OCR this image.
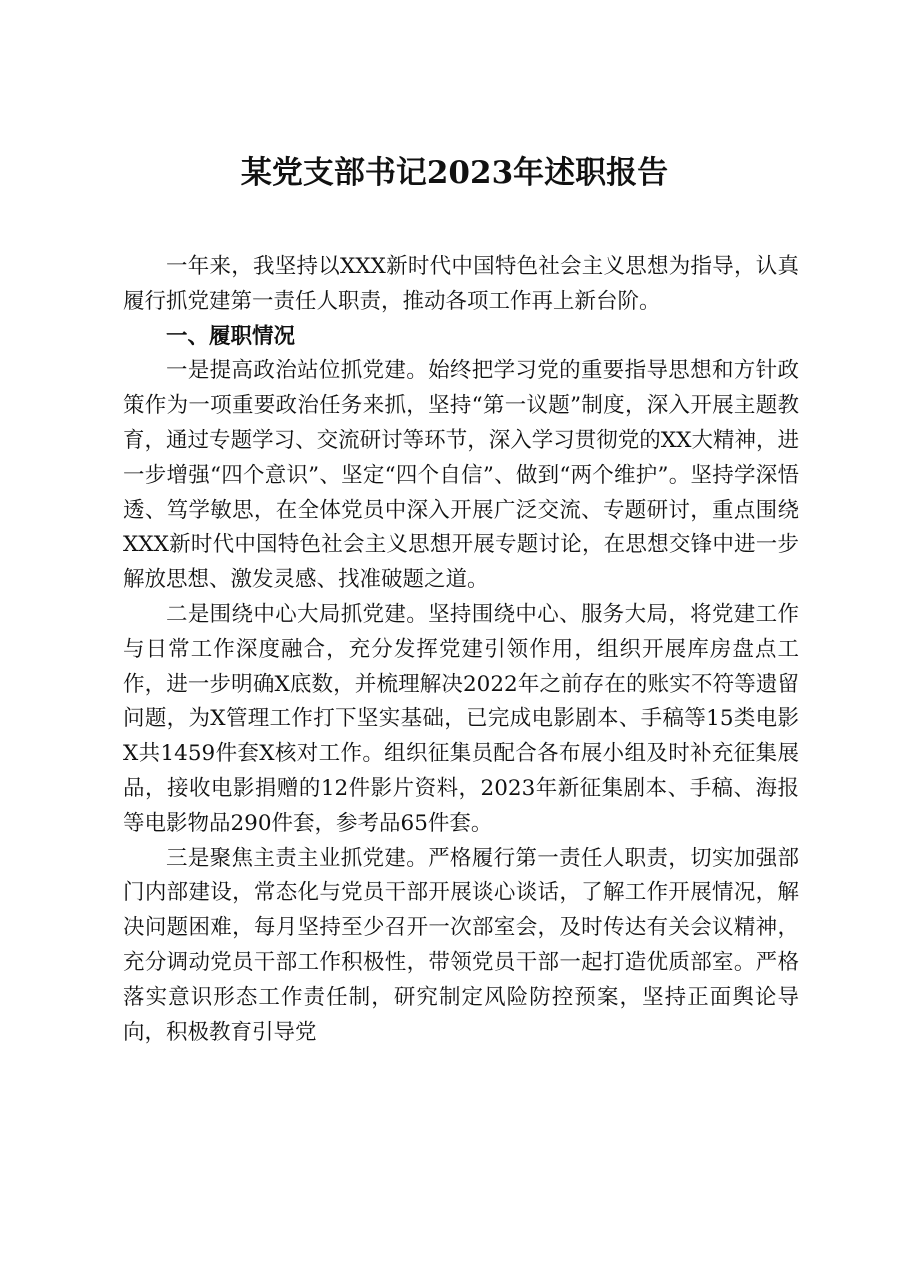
某党支部书记2023年述职报告

一年来，我坚持以XXX新时代中国特色社会主义思想为指导，认真履行抓党建第一责任人职责，推动各项工作再上新台阶。

一、履职情况

一是提高政治站位抓党建。始终把学习党的重要指导思想和方针政策作为一项重要政治任务来抓，坚持“第一议题”制度，深入开展主题教育，通过专题学习、交流研讨等环节，深入学习贯彻党的XX大精神，进一步增强“四个意识”、坚定“四个自信”、做到“两个维护”。坚持学深悟透、笃学敏思，在全体党员中深入开展广泛交流、专题研讨，重点围绕XXX新时代中国特色社会主义思想开展专题讨论，在思想交锋中进一步解放思想、激发灵感、找准破题之道。

二是围绕中心大局抓党建。坚持围绕中心、服务大局，将党建工作与日常工作深度融合，充分发挥党建引领作用，组织开展库房盘点工作，进一步明确X底数，并梳理解决2022年之前存在的账实不符等遗留问题，为X管理工作打下坚实基础，已完成电影剧本、手稿等15类电影X共1459件套X核对工作。组织征集员配合各布展小组及时补充征集展品，接收电影捐赠的12件影片资料，2023年新征集剧本、手稿、海报等电影物品290件套，参考品65件套。

三是聚焦主责主业抓党建。严格履行第一责任人职责，切实加强部门内部建设，常态化与党员干部开展谈心谈话，了解工作开展情况，解决问题困难，每月坚持至少召开一次部室会，及时传达有关会议精神，充分调动党员干部工作积极性，带领党员干部一起打造优质部室。严格落实意识形态工作责任制，研究制定风险防控预案，坚持正面舆论导向，积极教育引导党
